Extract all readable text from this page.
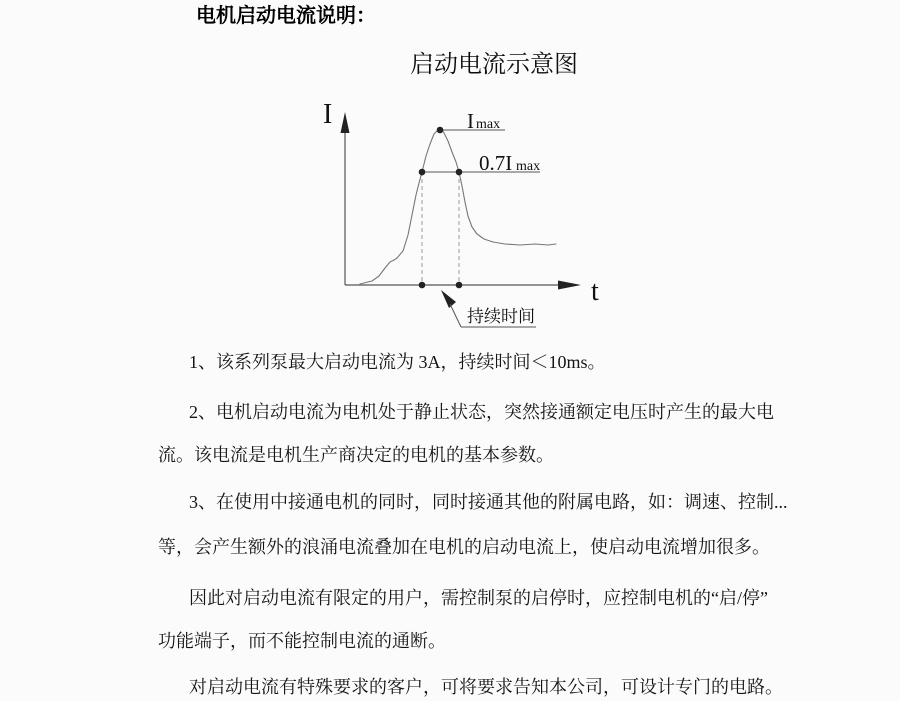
电机启动电流说明：
启动电流示意图
I
t
I max
0.7I max
持续时间
1、该系列泵最大启动电流为 3A，持续时间＜10ms。
2、电机启动电流为电机处于静止状态，突然接通额定电压时产生的最大电
流。该电流是电机生产商决定的电机的基本参数。
3、在使用中接通电机的同时，同时接通其他的附属电路，如：调速、控制...
等，会产生额外的浪涌电流叠加在电机的启动电流上，使启动电流增加很多。
因此对启动电流有限定的用户，需控制泵的启停时，应控制电机的“启/停”
功能端子，而不能控制电流的通断。
对启动电流有特殊要求的客户，可将要求告知本公司，可设计专门的电路。
